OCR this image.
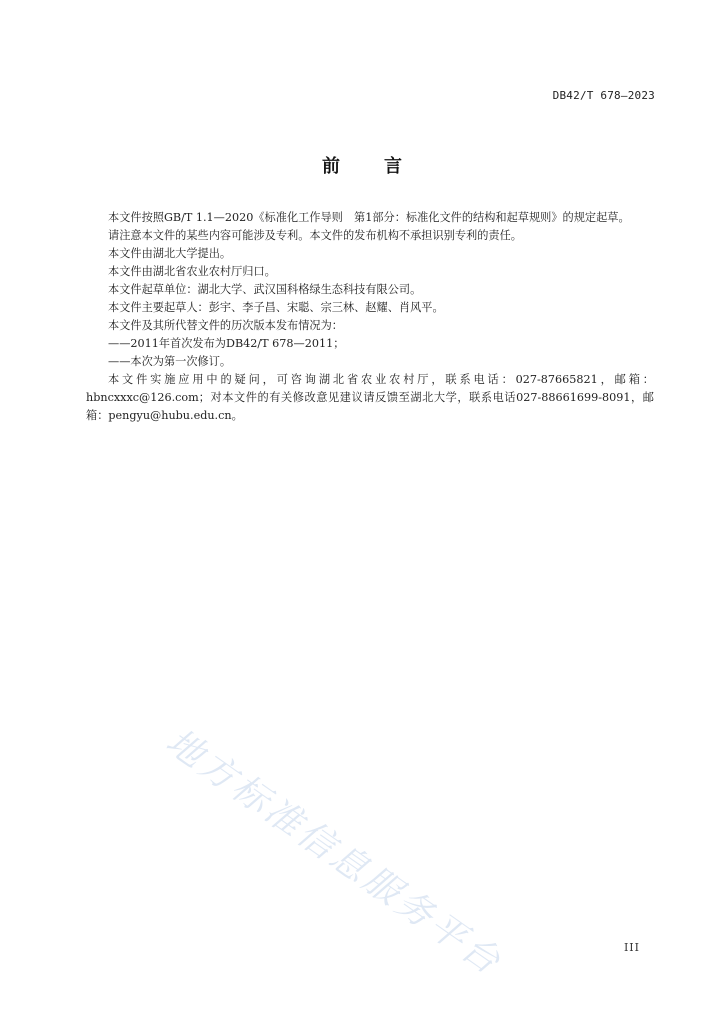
DB42/T 678—2023
前 言

本文件按照GB/T 1.1—2020《标准化工作导则　第1部分：标准化文件的结构和起草规则》的规定起草。

请注意本文件的某些内容可能涉及专利。本文件的发布机构不承担识别专利的责任。

本文件由湖北大学提出。

本文件由湖北省农业农村厅归口。

本文件起草单位：湖北大学、武汉国科格绿生态科技有限公司。

本文件主要起草人：彭宇、李子昌、宋聪、宗三林、赵耀、肖风平。

本文件及其所代替文件的历次版本发布情况为：

——2011年首次发布为DB42/T 678—2011；

——本次为第一次修订。

本文件实施应用中的疑问，可咨询湖北省农业农村厅，联系电话：027-87665821，邮箱：hbncxxxc@126.com；对本文件的有关修改意见建议请反馈至湖北大学，联系电话027-88661699-8091，邮箱：pengyu@hubu.edu.cn。

地方标准信息服务平台	III
